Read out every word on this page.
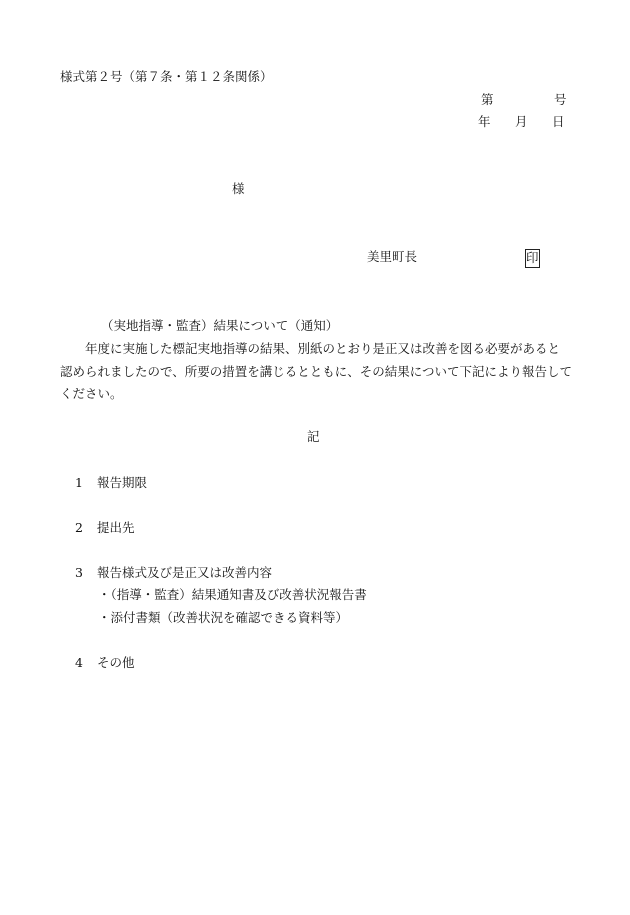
様式第２号（第７条・第１２条関係）
第	号
年 月 日
様
美里町長	印
（実地指導・監査）結果について（通知）
年度に実施した標記実地指導の結果、別紙のとおり是正又は改善を図る必要があると認められましたので、所要の措置を講じるとともに、その結果について下記により報告してください。
記
1 報告期限
2 提出先
3 報告様式及び是正又は改善内容
・（指導・監査）結果通知書及び改善状況報告書
・添付書類（改善状況を確認できる資料等）
4 その他
